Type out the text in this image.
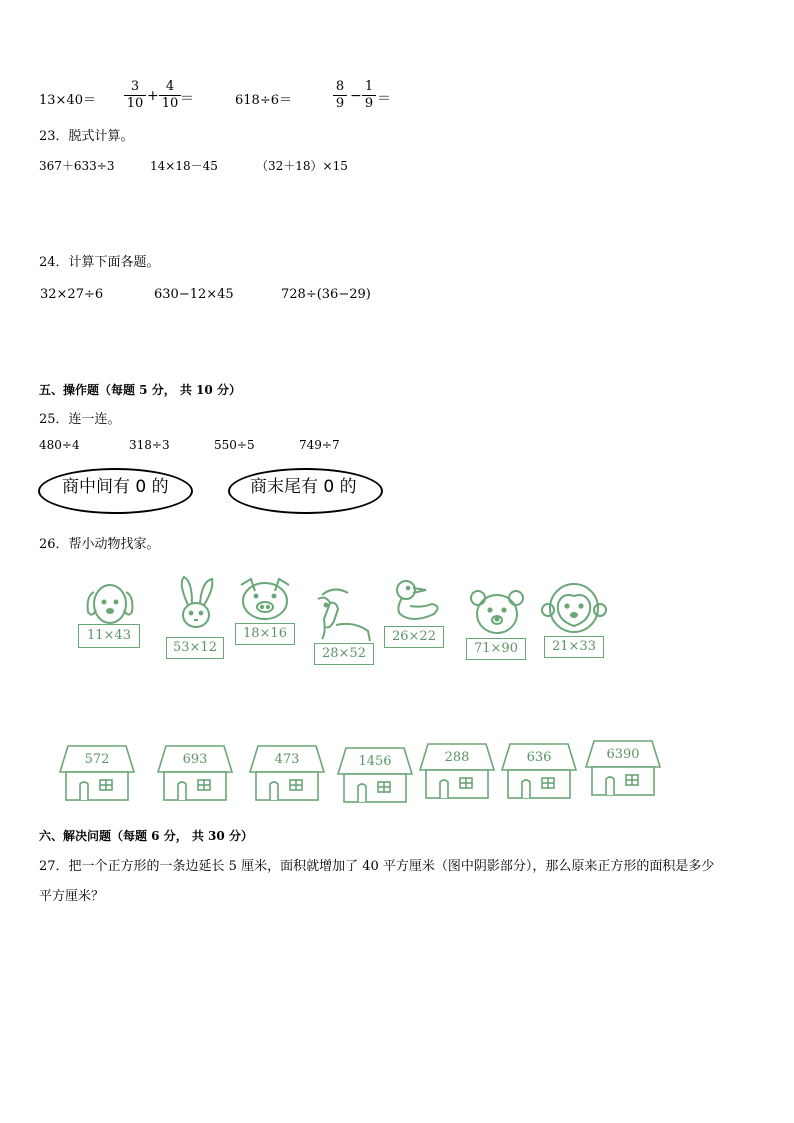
13×40＝
3
10 +
4
10 ＝	618÷6＝
8
9 −
1
9 ＝
23．脱式计算。
367＋633÷3	14×18－45	（32＋18）×15
24．计算下面各题。
32×27÷6	630−12×45	728÷(36−29)
五、操作题（每题 5 分， 共 10 分）
25．连一连。
480÷4	318÷3	550÷5	749÷7
商中间有 0 的	商末尾有 0 的
26．帮小动物找家。
11×43
53×12
18×16
28×52
26×22
71×90	21×33
572	693	473	1456	288	636	6390
六、解决问题（每题 6 分， 共 30 分）
27．把一个正方形的一条边延长 5 厘米，面积就增加了 40 平方厘米（图中阴影部分），那么原来正方形的面积是多少
平方厘米？
